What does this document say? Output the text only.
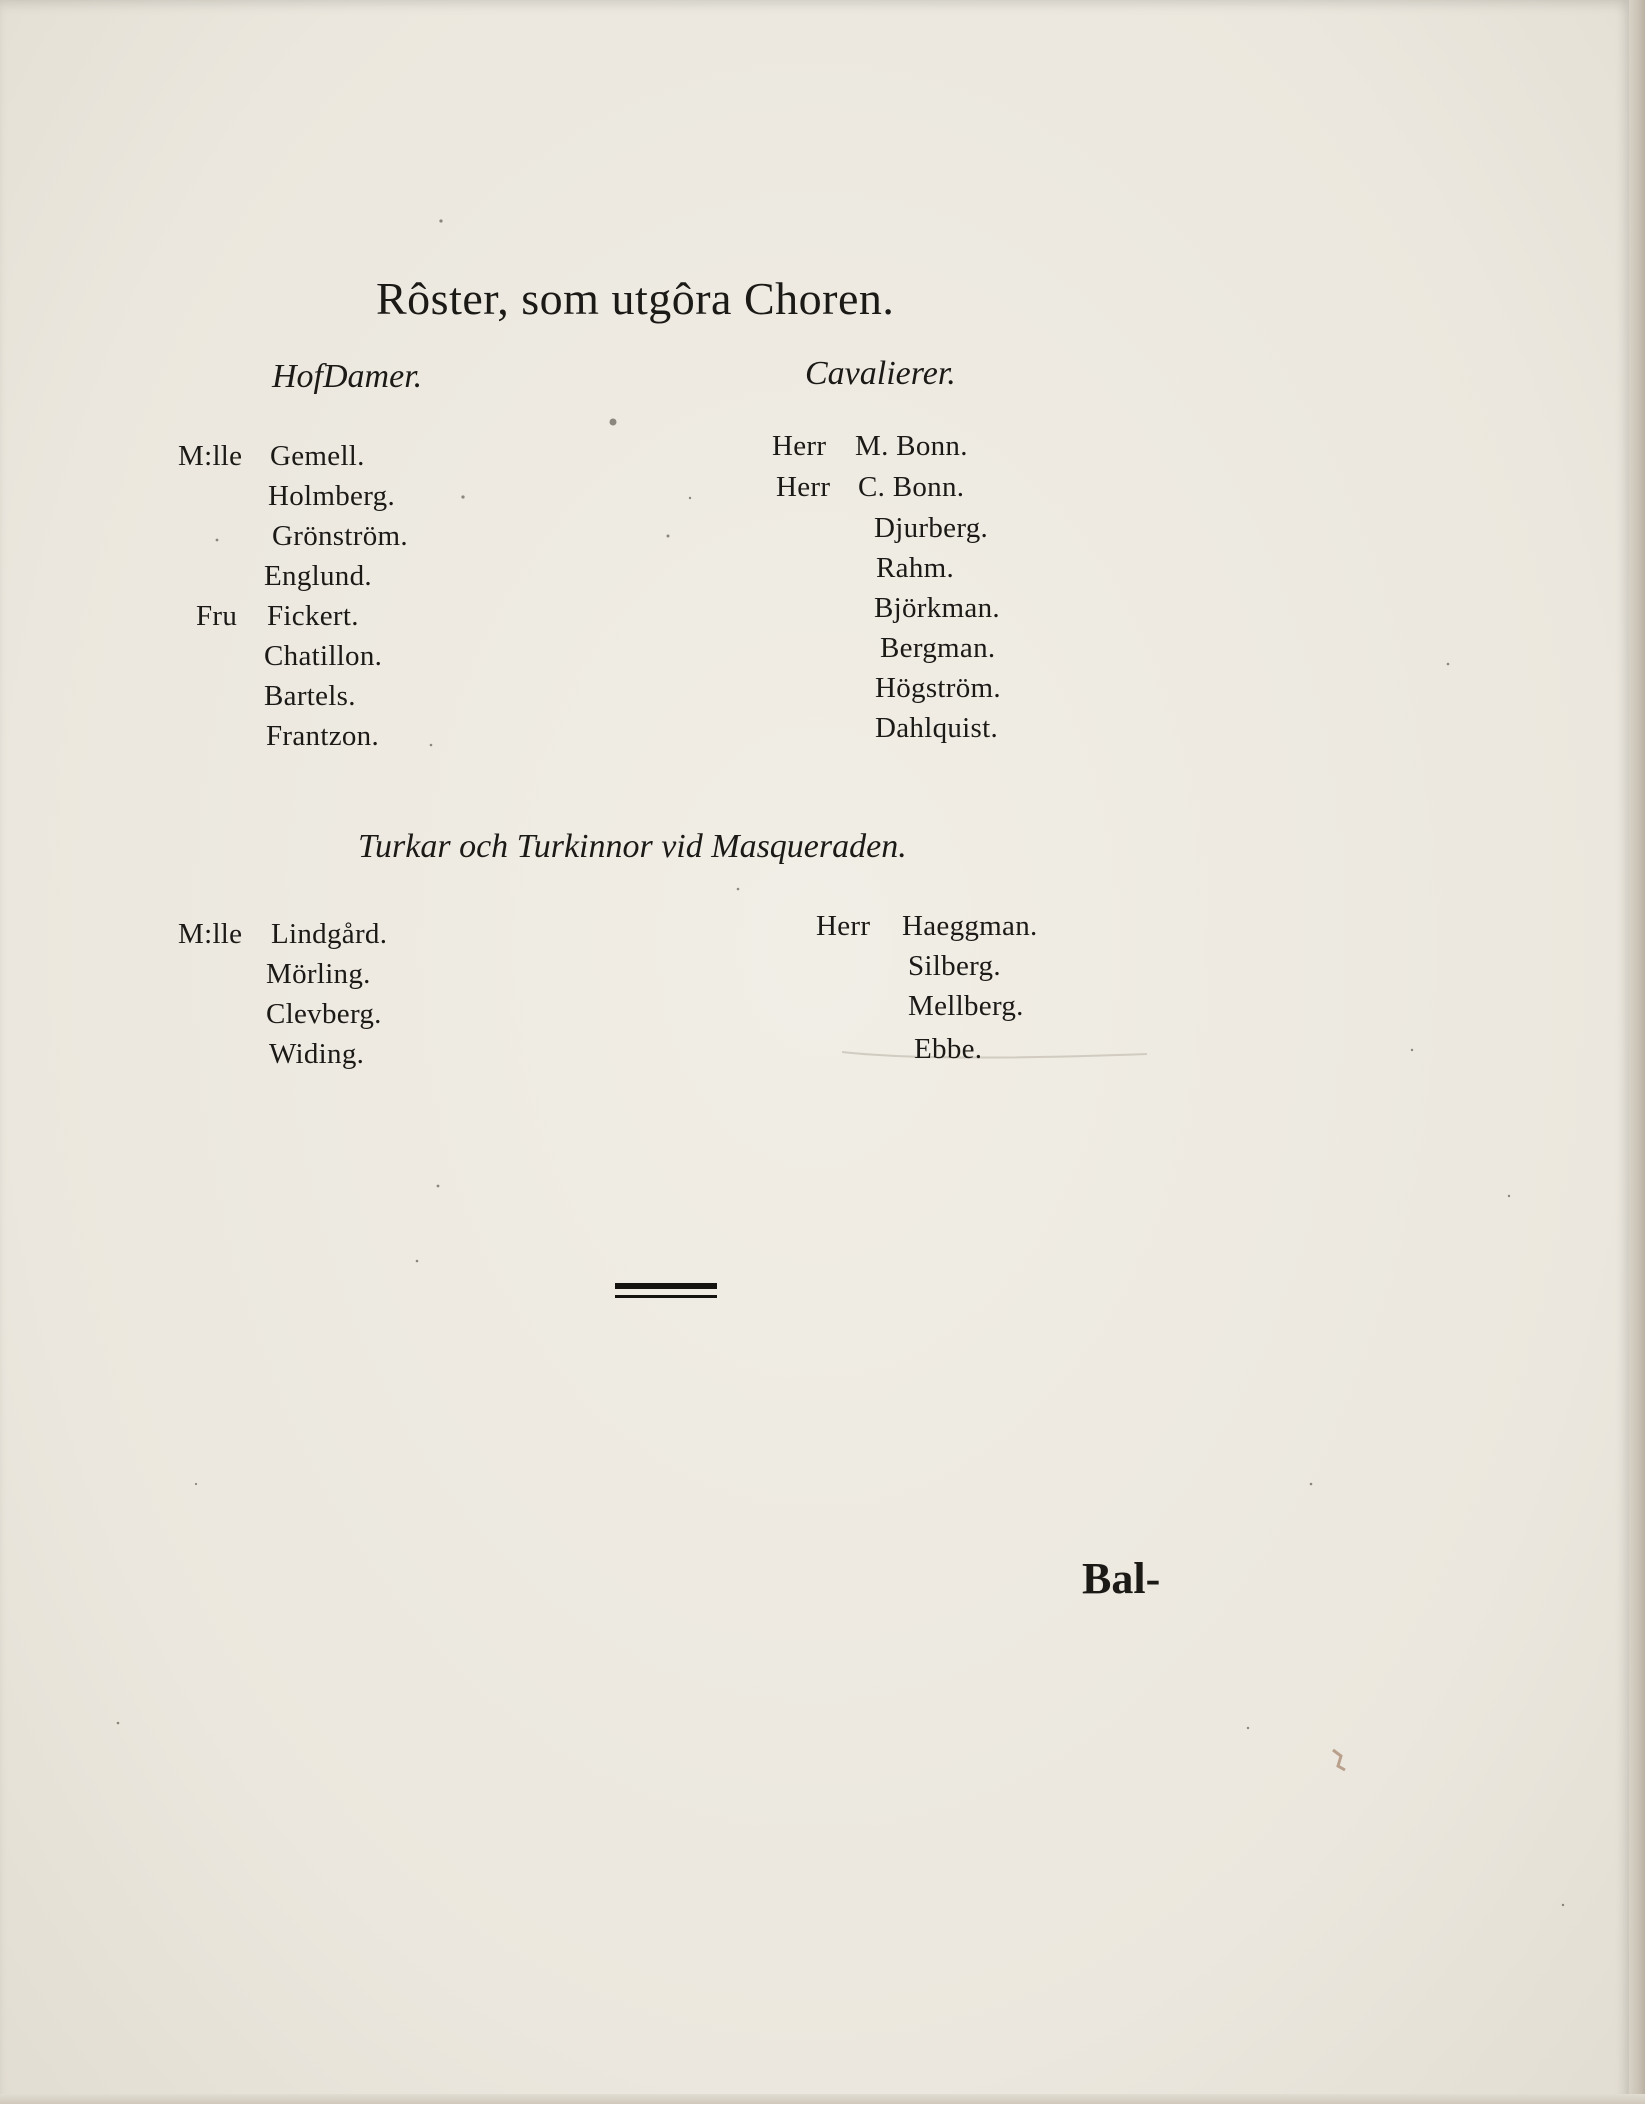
Rôster, som utgôra Choren.
HofDamer.	Cavalierer.
M:lle Gemell.
Holmberg.
Grönström.
Englund.
Fru Fickert.
Chatillon.
Bartels.
Frantzon.
Herr M. Bonn.
Herr C. Bonn.
Djurberg.
Rahm.
Björkman.
Bergman.
Högström.
Dahlquist.
Turkar och Turkinnor vid Masqueraden.
M:lle Lindgård.
Mörling.
Clevberg.
Widing.
Herr Haeggman.
Silberg.
Mellberg.
Ebbe.
Bal-
